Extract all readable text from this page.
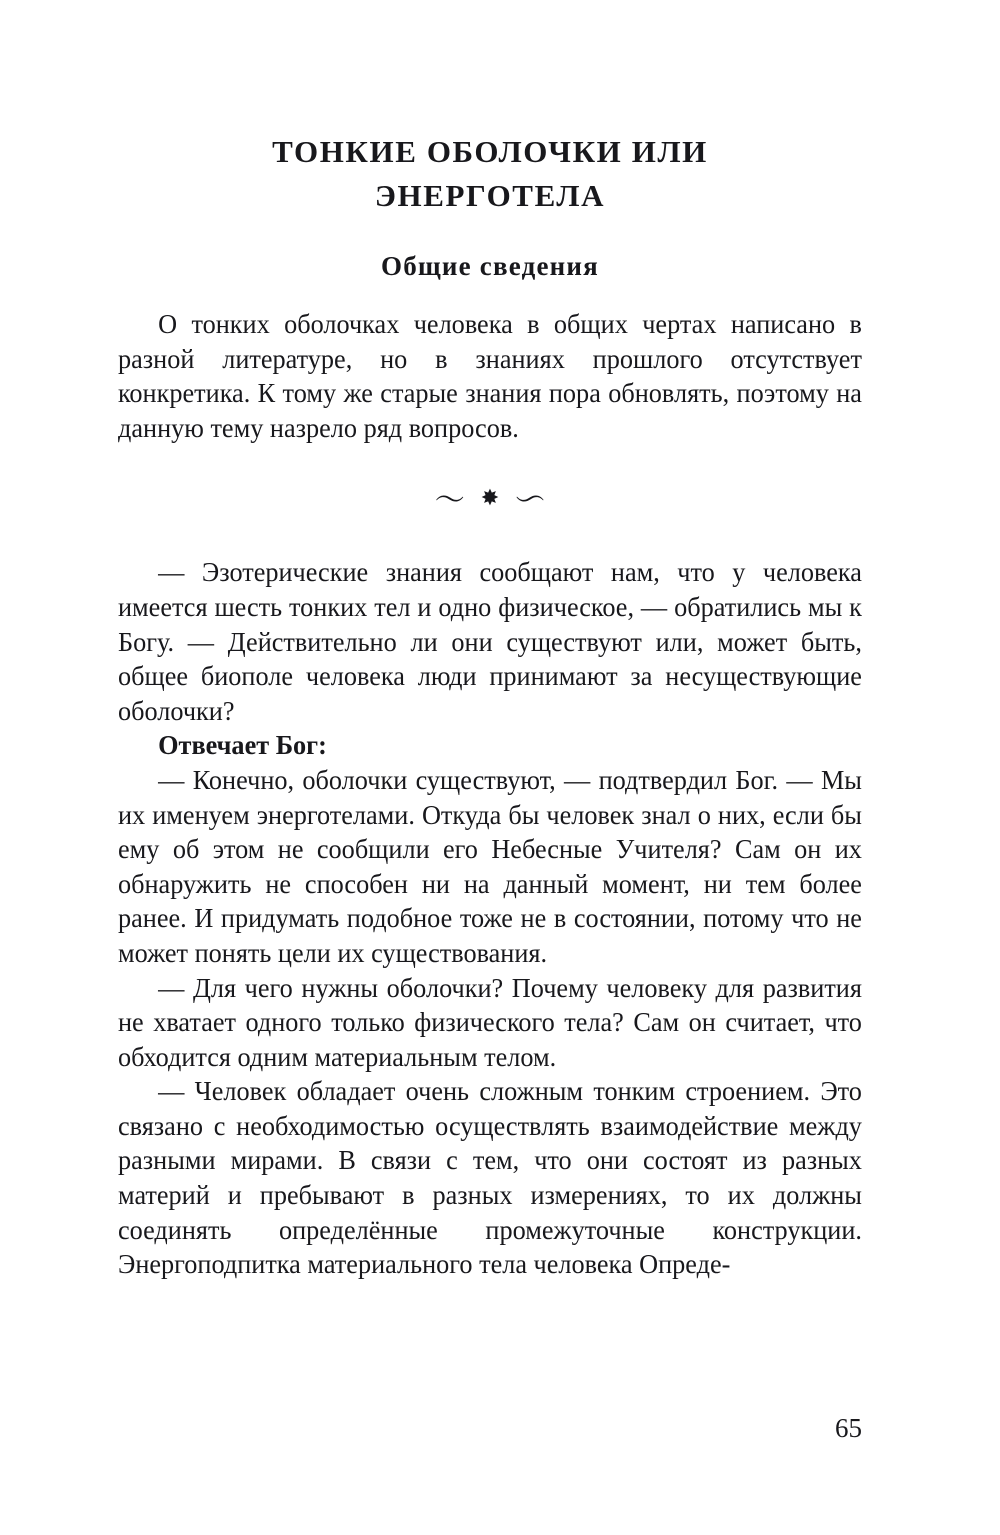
ТОНКИЕ ОБОЛОЧКИ ИЛИ
ЭНЕРГОТЕЛА
Общие сведения

О тонких оболочках человека в общих чертах написано в разной литературе, но в знаниях прошлого отсутствует конкретика. К тому же старые знания пора обновлять, поэтому на данную тему назрело ряд вопросов.

〜 ✸ 〜

— Эзотерические знания сообщают нам, что у человека имеется шесть тонких тел и одно физическое, — обратились мы к Богу. — Действительно ли они существуют или, может быть, общее биополе человека люди принимают за несуществующие оболочки?

Отвечает Бог:

— Конечно, оболочки существуют, — подтвердил Бог. — Мы их именуем энерготелами. Откуда бы человек знал о них, если бы ему об этом не сообщили его Небесные Учителя? Сам он их обнаружить не способен ни на данный момент, ни тем более ранее. И придумать подобное тоже не в состоянии, потому что не может понять цели их существования.

— Для чего нужны оболочки? Почему человеку для развития не хватает одного только физического тела? Сам он считает, что обходится одним материальным телом.

— Человек обладает очень сложным тонким строением. Это связано с необходимостью осуществлять взаимодействие между разными мирами. В связи с тем, что они состоят из разных материй и пребывают в разных измерениях, то их должны соединять определённые промежуточные конструкции. Энергоподпитка материального тела человека Опреде-

65
